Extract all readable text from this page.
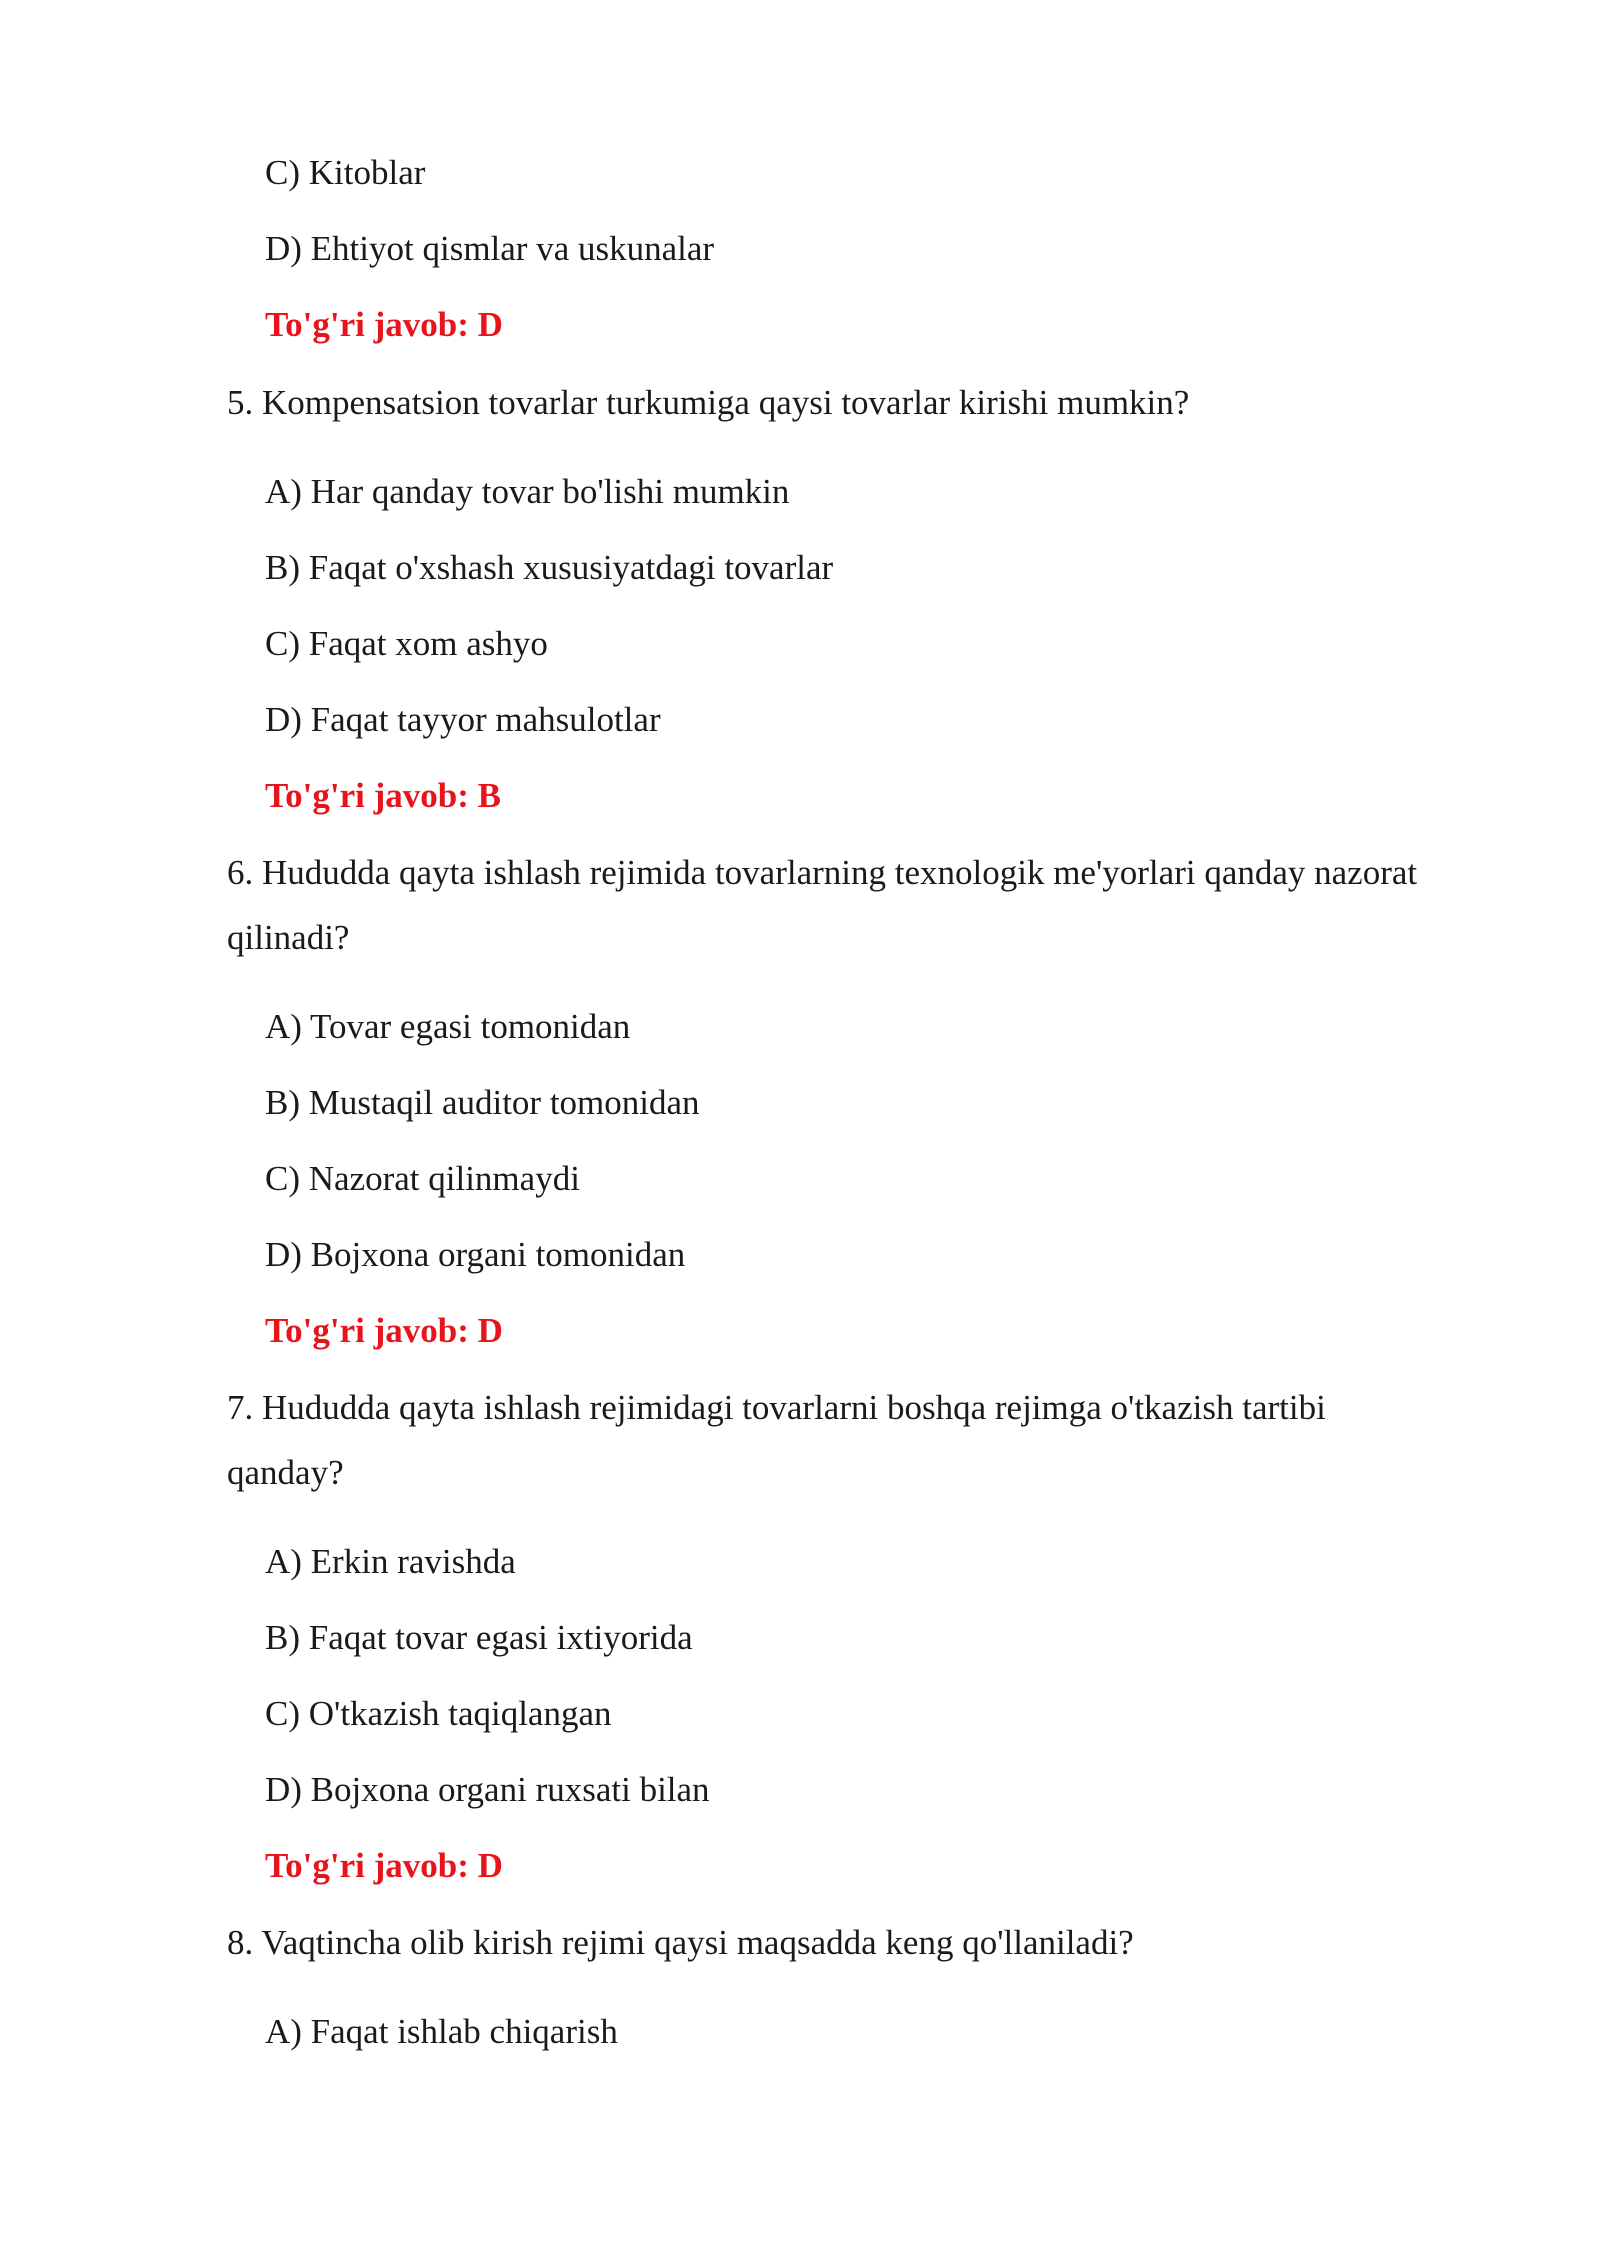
C) Kitoblar
D) Ehtiyot qismlar va uskunalar
To'g'ri javob: D
5. Kompensatsion tovarlar turkumiga qaysi tovarlar kirishi mumkin?
A) Har qanday tovar bo'lishi mumkin
B) Faqat o'xshash xususiyatdagi tovarlar
C) Faqat xom ashyo
D) Faqat tayyor mahsulotlar
To'g'ri javob: B
6. Hududda qayta ishlash rejimida tovarlarning texnologik me'yorlari qanday nazorat qilinadi?
A) Tovar egasi tomonidan
B) Mustaqil auditor tomonidan
C) Nazorat qilinmaydi
D) Bojxona organi tomonidan
To'g'ri javob: D
7. Hududda qayta ishlash rejimidagi tovarlarni boshqa rejimga o'tkazish tartibi qanday?
A) Erkin ravishda
B) Faqat tovar egasi ixtiyorida
C) O'tkazish taqiqlangan
D) Bojxona organi ruxsati bilan
To'g'ri javob: D
8. Vaqtincha olib kirish rejimi qaysi maqsadda keng qo'llaniladi?
A) Faqat ishlab chiqarish
